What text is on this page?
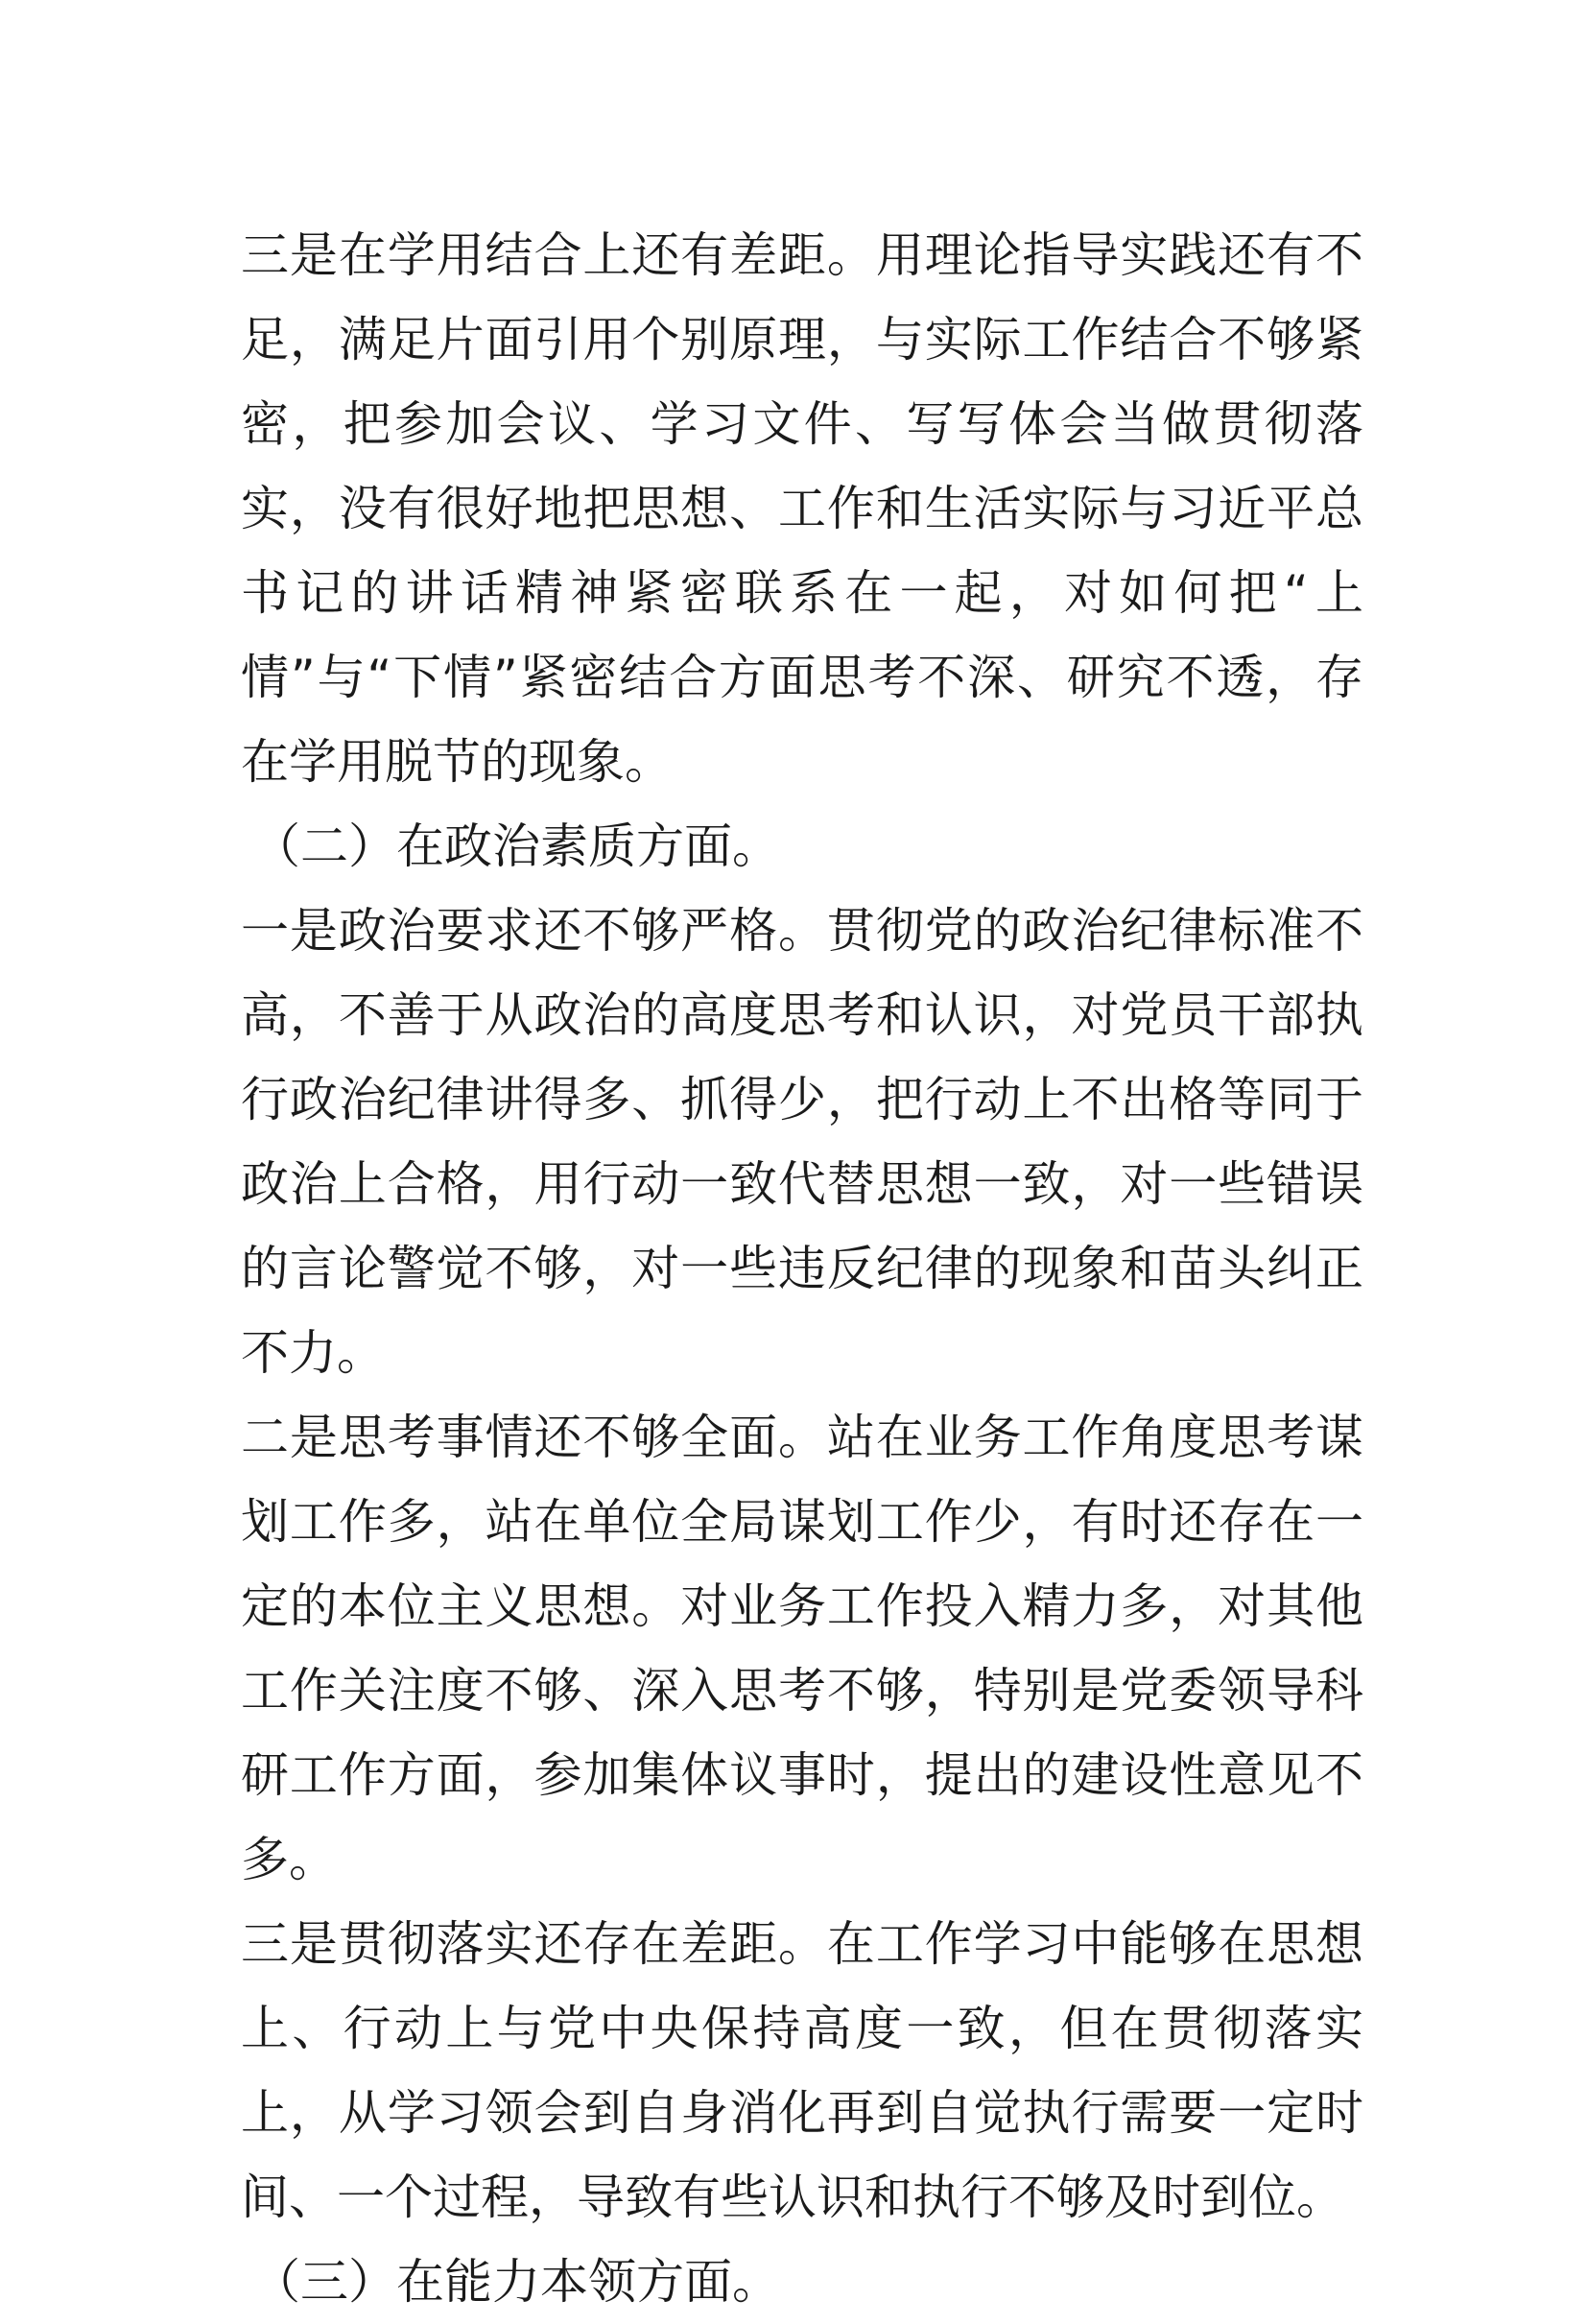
三是在学用结合上还有差距。用理论指导实践还有不足，满足片面引用个别原理，与实际工作结合不够紧密，把参加会议、学习文件、写写体会当做贯彻落实，没有很好地把思想、工作和生活实际与习近平总书记的讲话精神紧密联系在一起，对如何把“上情”与“下情”紧密结合方面思考不深、研究不透，存在学用脱节的现象。

（二）在政治素质方面。

一是政治要求还不够严格。贯彻党的政治纪律标准不高，不善于从政治的高度思考和认识，对党员干部执行政治纪律讲得多、抓得少，把行动上不出格等同于政治上合格，用行动一致代替思想一致，对一些错误的言论警觉不够，对一些违反纪律的现象和苗头纠正不力。

二是思考事情还不够全面。站在业务工作角度思考谋划工作多，站在单位全局谋划工作少，有时还存在一定的本位主义思想。对业务工作投入精力多，对其他工作关注度不够、深入思考不够，特别是党委领导科研工作方面，参加集体议事时，提出的建设性意见不多。

三是贯彻落实还存在差距。在工作学习中能够在思想上、行动上与党中央保持高度一致，但在贯彻落实上，从学习领会到自身消化再到自觉执行需要一定时间、一个过程，导致有些认识和执行不够及时到位。

（三）在能力本领方面。
